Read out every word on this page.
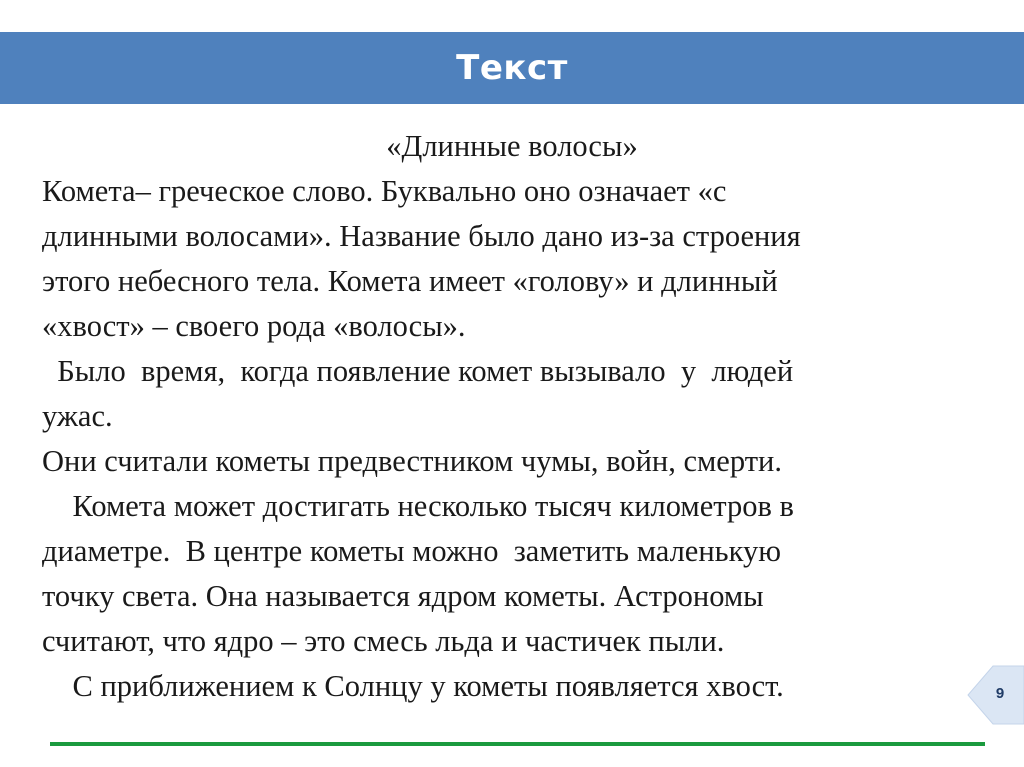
Текст
«Длинные волосы»
Комета– греческое слово. Буквально оно означает «с
длинными волосами». Название было дано из-за строения
этого небесного тела. Комета имеет «голову» и длинный
«хвост» – своего рода «волосы».
Было  время,  когда появление комет вызывало  у  людей
ужас.
Они считали кометы предвестником чумы, войн, смерти.
Комета может достигать несколько тысяч километров в
диаметре.  В центре кометы можно  заметить маленькую
точку света. Она называется ядром кометы. Астрономы
считают, что ядро – это смесь льда и частичек пыли.
С приближением к Солнцу у кометы появляется хвост.	9
